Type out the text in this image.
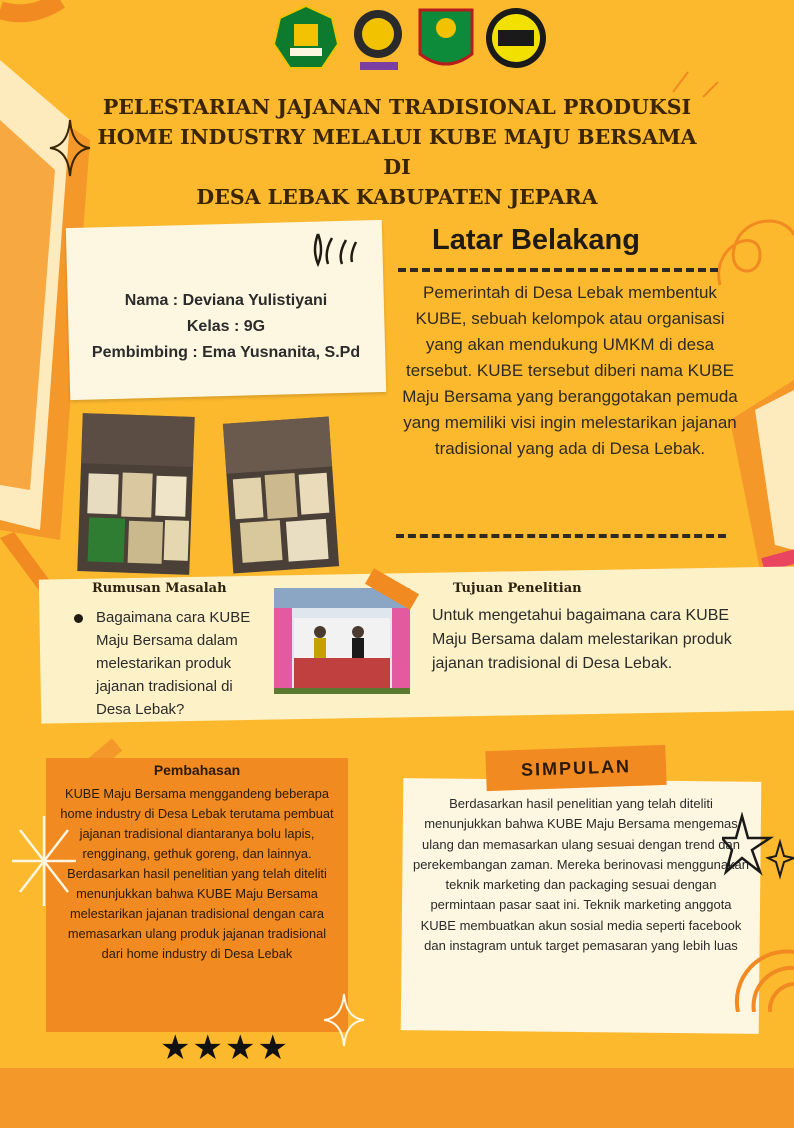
PELESTARIAN JAJANAN TRADISIONAL PRODUKSI
HOME INDUSTRY MELALUI KUBE MAJU BERSAMA DI
DESA LEBAK KABUPATEN JEPARA
Nama : Deviana Yulistiyani
Kelas : 9G
Pembimbing : Ema Yusnanita, S.Pd
Latar Belakang
Pemerintah di Desa Lebak membentuk KUBE, sebuah kelompok atau organisasi yang akan mendukung UMKM di desa tersebut. KUBE tersebut diberi nama KUBE Maju Bersama yang beranggotakan pemuda yang memiliki visi ingin melestarikan jajanan tradisional yang ada di Desa Lebak.
Rumusan Masalah
Bagaimana cara KUBE Maju Bersama dalam melestarikan produk jajanan tradisional di Desa Lebak?
Tujuan Penelitian
Untuk mengetahui bagaimana cara KUBE Maju Bersama dalam melestarikan produk jajanan tradisional di Desa Lebak.
Pembahasan
KUBE Maju Bersama menggandeng beberapa home industry di Desa Lebak terutama pembuat jajanan tradisional diantaranya bolu lapis, rengginang, gethuk goreng, dan lainnya. Berdasarkan hasil penelitian yang telah diteliti menunjukkan bahwa KUBE Maju Bersama melestarikan jajanan tradisional dengan cara memasarkan ulang produk jajanan tradisional dari home industry di Desa Lebak
SIMPULAN
Berdasarkan hasil penelitian yang telah diteliti menunjukkan bahwa KUBE Maju Bersama mengemas ulang dan memasarkan ulang sesuai dengan trend dan perekembangan zaman. Mereka berinovasi menggunakan teknik marketing dan packaging sesuai dengan permintaan pasar saat ini. Teknik marketing anggota KUBE membuatkan akun sosial media seperti facebook dan instagram untuk target pemasaran yang lebih luas
★★★★
